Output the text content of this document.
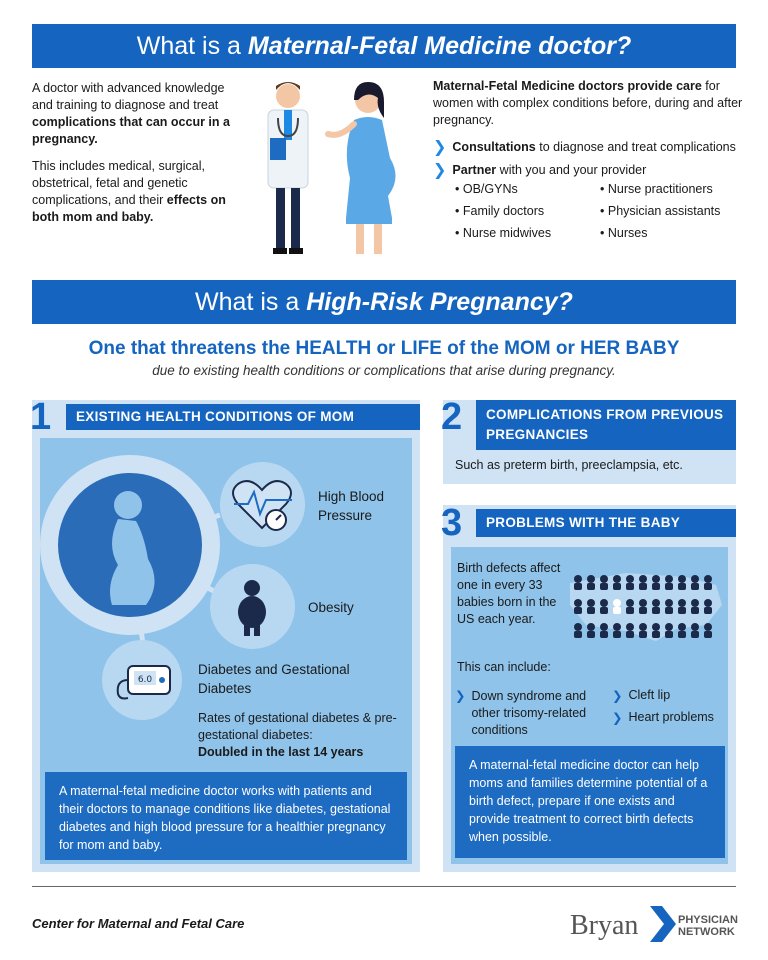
What is a Maternal-Fetal Medicine doctor?

A doctor with advanced knowledge and training to diagnose and treat complications that can occur in a pregnancy.

This includes medical, surgical, obstetrical, fetal and genetic complications, and their effects on both mom and baby.

Maternal-Fetal Medicine doctors provide care for women with complex conditions before, during and after pregnancy.

❯ Consultations to diagnose and treat complications
❯ Partner with you and your provider
• OB/GYNs	• Nurse practitioners
• Family doctors	• Physician assistants
• Nurse midwives	• Nurses
What is a High-Risk Pregnancy?
One that threatens the HEALTH or LIFE of the MOM or HER BABY
due to existing health conditions or complications that arise during pregnancy.
1	EXISTING HEALTH CONDITIONS OF MOM
High Blood Pressure
Obesity
6.0
Diabetes and Gestational Diabetes
Rates of gestational diabetes & pre-gestational diabetes:
Doubled in the last 14 years
A maternal-fetal medicine doctor works with patients and their doctors to manage conditions like diabetes, gestational diabetes and high blood pressure for a healthier pregnancy for mom and baby.
2	COMPLICATIONS FROM PREVIOUS PREGNANCIES
Such as preterm birth, preeclampsia, etc.
3	PROBLEMS WITH THE BABY
Birth defects affect one in every 33 babies born in the US each year.
This can include:
❯ Down syndrome and other trisomy-related conditions
❯ Cleft lip
❯ Heart problems
A maternal-fetal medicine doctor can help moms and families determine potential of a birth defect, prepare if one exists and provide treatment to correct birth defects when possible.
Center for Maternal and Fetal Care	Bryan	PHYSICIAN
NETWORK
